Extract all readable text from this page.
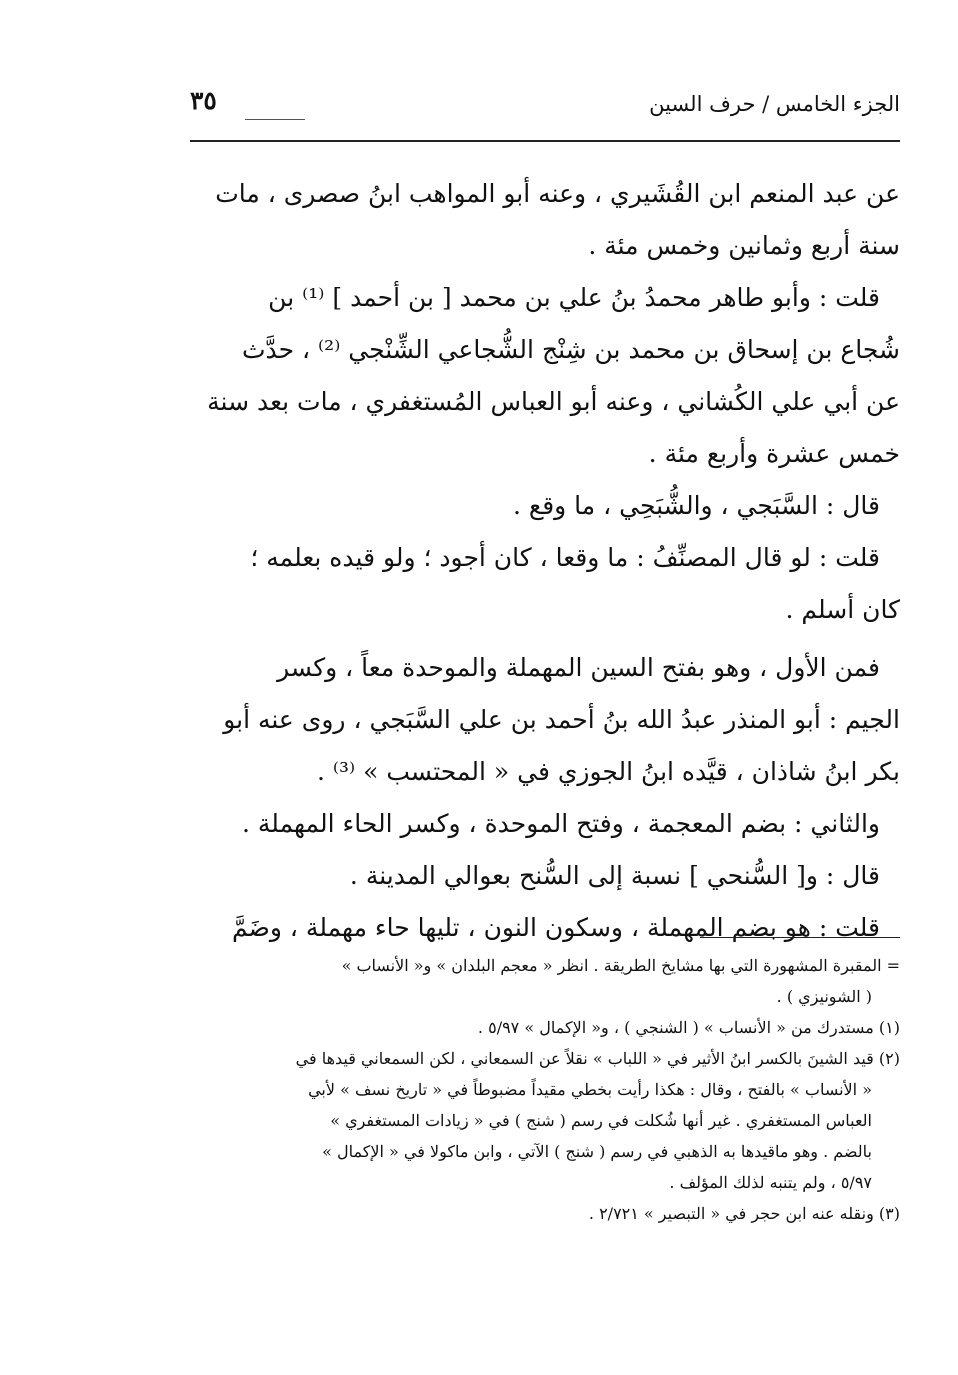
الجزء الخامس / حرف السين
٣٥
عن عبد المنعم ابن القُشَيري ، وعنه أبو المواهب ابنُ صصرى ، مات
سنة أربع وثمانين وخمس مئة .
قلت : وأبو طاهر محمدُ بنُ علي بن محمد [ بن أحمد ] ⁽¹⁾ بن
شُجاع بن إسحاق بن محمد بن شِنْج الشُّجاعي الشِّنْجي ⁽²⁾ ، حدَّث
عن أبي علي الكُشاني ، وعنه أبو العباس المُستغفري ، مات بعد سنة
خمس عشرة وأربع مئة .
قال : السَّبَجي ، والشُّبَحِي ، ما وقع .
قلت : لو قال المصنِّفُ : ما وقعا ، كان أجود ؛ ولو قيده بعلمه ؛
كان أسلم .
فمن الأول ، وهو بفتح السين المهملة والموحدة معاً ، وكسر
الجيم : أبو المنذر عبدُ الله بنُ أحمد بن علي السَّبَجي ، روى عنه أبو
بكر ابنُ شاذان ، قيَّده ابنُ الجوزي في « المحتسب » ⁽³⁾ .
والثاني : بضم المعجمة ، وفتح الموحدة ، وكسر الحاء المهملة .
قال : و[ السُّنحي ] نسبة إلى السُّنح بعوالي المدينة .
قلت : هو بضم المهملة ، وسكون النون ، تليها حاء مهملة ، وضَمَّ
= المقبرة المشهورة التي بها مشايخ الطريقة . انظر « معجم البلدان » و« الأنساب »
( الشونيزي ) .
(١) مستدرك من « الأنساب » ( الشنجي ) ، و« الإكمال » ٥/٩٧ .
(٢) قيد الشينَ بالكسر ابنُ الأثير في « اللباب » نقلاً عن السمعاني ، لكن السمعاني قيدها في
« الأنساب » بالفتح ، وقال : هكذا رأيت بخطي مقيداً مضبوطاً في « تاريخ نسف » لأبي
العباس المستغفري . غير أنها شُكلت في رسم ( شنج ) في « زيادات المستغفري »
بالضم . وهو ماقيدها به الذهبي في رسم ( شنج ) الآتي ، وابن ماكولا في « الإكمال »
٥/٩٧ ، ولم يتنبه لذلك المؤلف .
(٣) ونقله عنه ابن حجر في « التبصير » ٢/٧٢١ .
